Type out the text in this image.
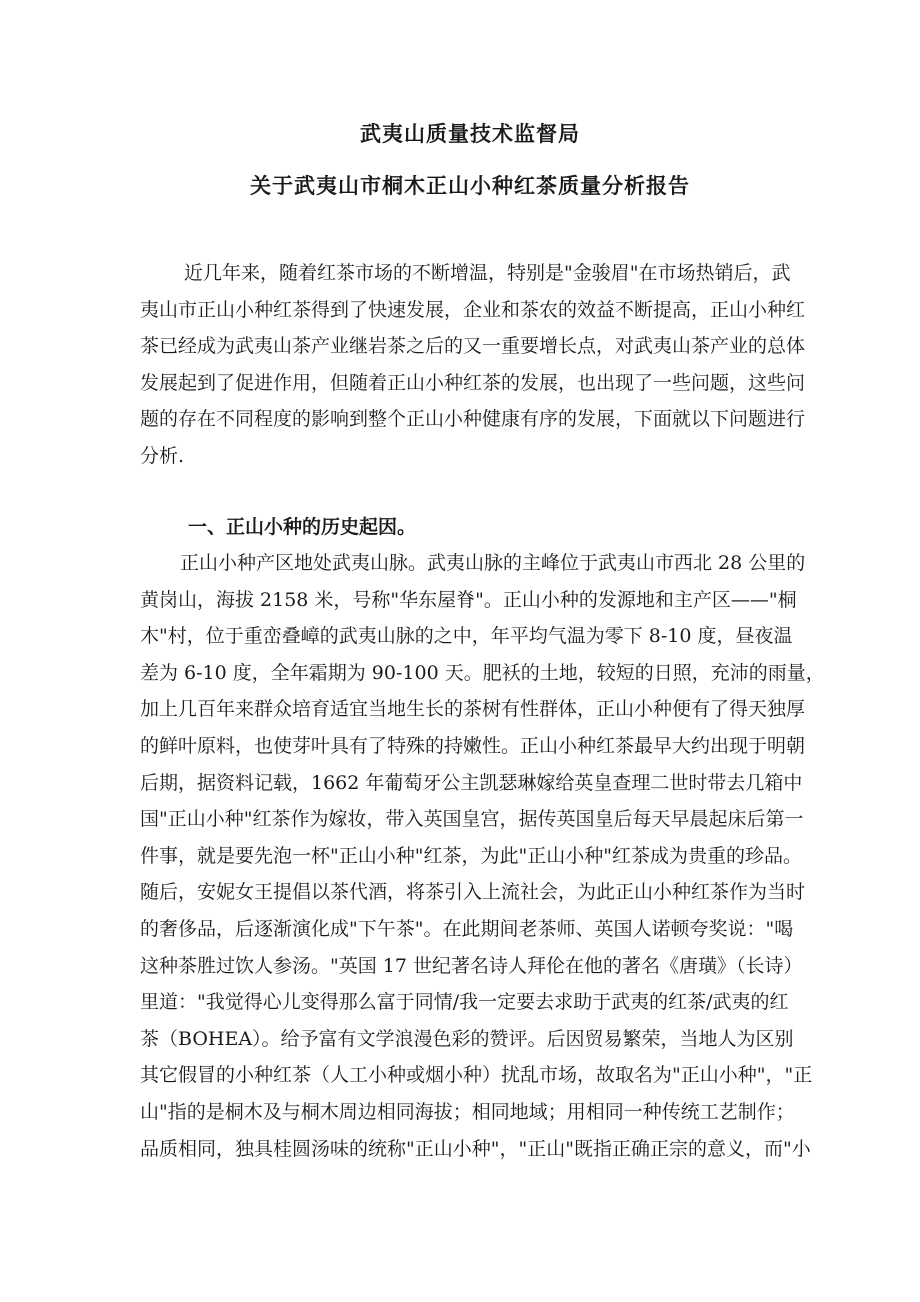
武夷山质量技术监督局
关于武夷山市桐木正山小种红茶质量分析报告
近几年来，随着红茶市场的不断增温，特别是"金骏眉"在市场热销后，武
夷山市正山小种红茶得到了快速发展，企业和茶农的效益不断提高，正山小种红
茶已经成为武夷山茶产业继岩茶之后的又一重要增长点，对武夷山茶产业的总体
发展起到了促进作用，但随着正山小种红茶的发展，也出现了一些问题，这些问
题的存在不同程度的影响到整个正山小种健康有序的发展，下面就以下问题进行
分析.
一、正山小种的历史起因。
正山小种产区地处武夷山脉。武夷山脉的主峰位于武夷山市西北 28 公里的
黄岗山，海拔 2158 米，号称"华东屋脊"。正山小种的发源地和主产区——"桐
木"村，位于重峦叠嶂的武夷山脉的之中，年平均气温为零下 8-10 度，昼夜温
差为 6-10 度，全年霜期为 90-100 天。肥袄的土地，较短的日照，充沛的雨量，
加上几百年来群众培育适宜当地生长的茶树有性群体，正山小种便有了得天独厚
的鲜叶原料，也使芽叶具有了特殊的持嫩性。正山小种红茶最早大约出现于明朝
后期，据资料记载，1662 年葡萄牙公主凯瑟琳嫁给英皇查理二世时带去几箱中
国"正山小种"红茶作为嫁妆，带入英国皇宫，据传英国皇后每天早晨起床后第一
件事，就是要先泡一杯"正山小种"红茶，为此"正山小种"红茶成为贵重的珍品。
随后，安妮女王提倡以茶代酒，将茶引入上流社会，为此正山小种红茶作为当时
的奢侈品，后逐渐演化成"下午茶"。在此期间老茶师、英国人诺顿夸奖说："喝
这种茶胜过饮人参汤。"英国 17 世纪著名诗人拜伦在他的著名《唐璜》（长诗）
里道："我觉得心儿变得那么富于同情/我一定要去求助于武夷的红茶/武夷的红
茶（BOHEA）。给予富有文学浪漫色彩的赞评。后因贸易繁荣，当地人为区别
其它假冒的小种红茶（人工小种或烟小种）扰乱市场，故取名为"正山小种"，"正
山"指的是桐木及与桐木周边相同海拔；相同地域；用相同一种传统工艺制作；
品质相同，独具桂圆汤味的统称"正山小种"，"正山"既指正确正宗的意义，而"小
